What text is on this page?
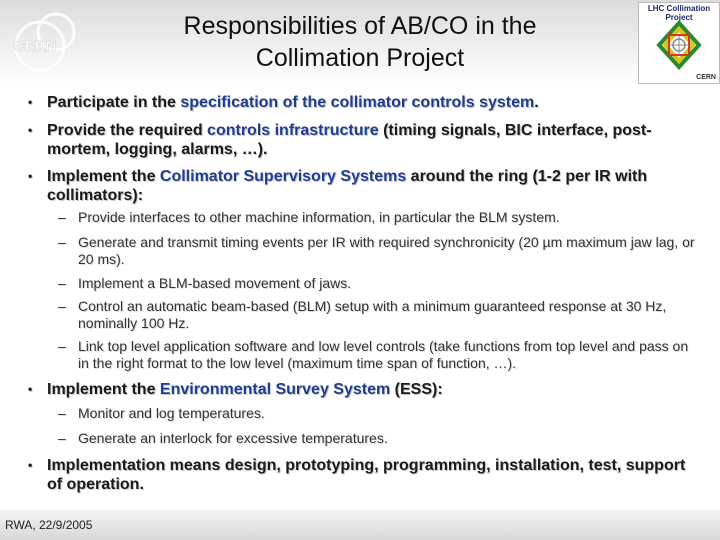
CERN
Responsibilities of AB/CO in the
Collimation Project
LHC Collimation
Project
CERN
• Participate in the specification of the collimator controls system.
• Provide the required controls infrastructure (timing signals, BIC interface, post-mortem, logging, alarms, …).
• Implement the Collimator Supervisory Systems around the ring (1-2 per IR with collimators):
– Provide interfaces to other machine information, in particular the BLM system.
– Generate and transmit timing events per IR with required synchronicity (20 µm maximum jaw lag, or 20 ms).
– Implement a BLM-based movement of jaws.
– Control an automatic beam-based (BLM) setup with a minimum guaranteed response at 30 Hz, nominally 100 Hz.
– Link top level application software and low level controls (take functions from top level and pass on in the right format to the low level (maximum time span of function, …).
• Implement the Environmental Survey System (ESS):
– Monitor and log temperatures.
– Generate an interlock for excessive temperatures.
• Implementation means design, prototyping, programming, installation, test, support of operation.
RWA, 22/9/2005
